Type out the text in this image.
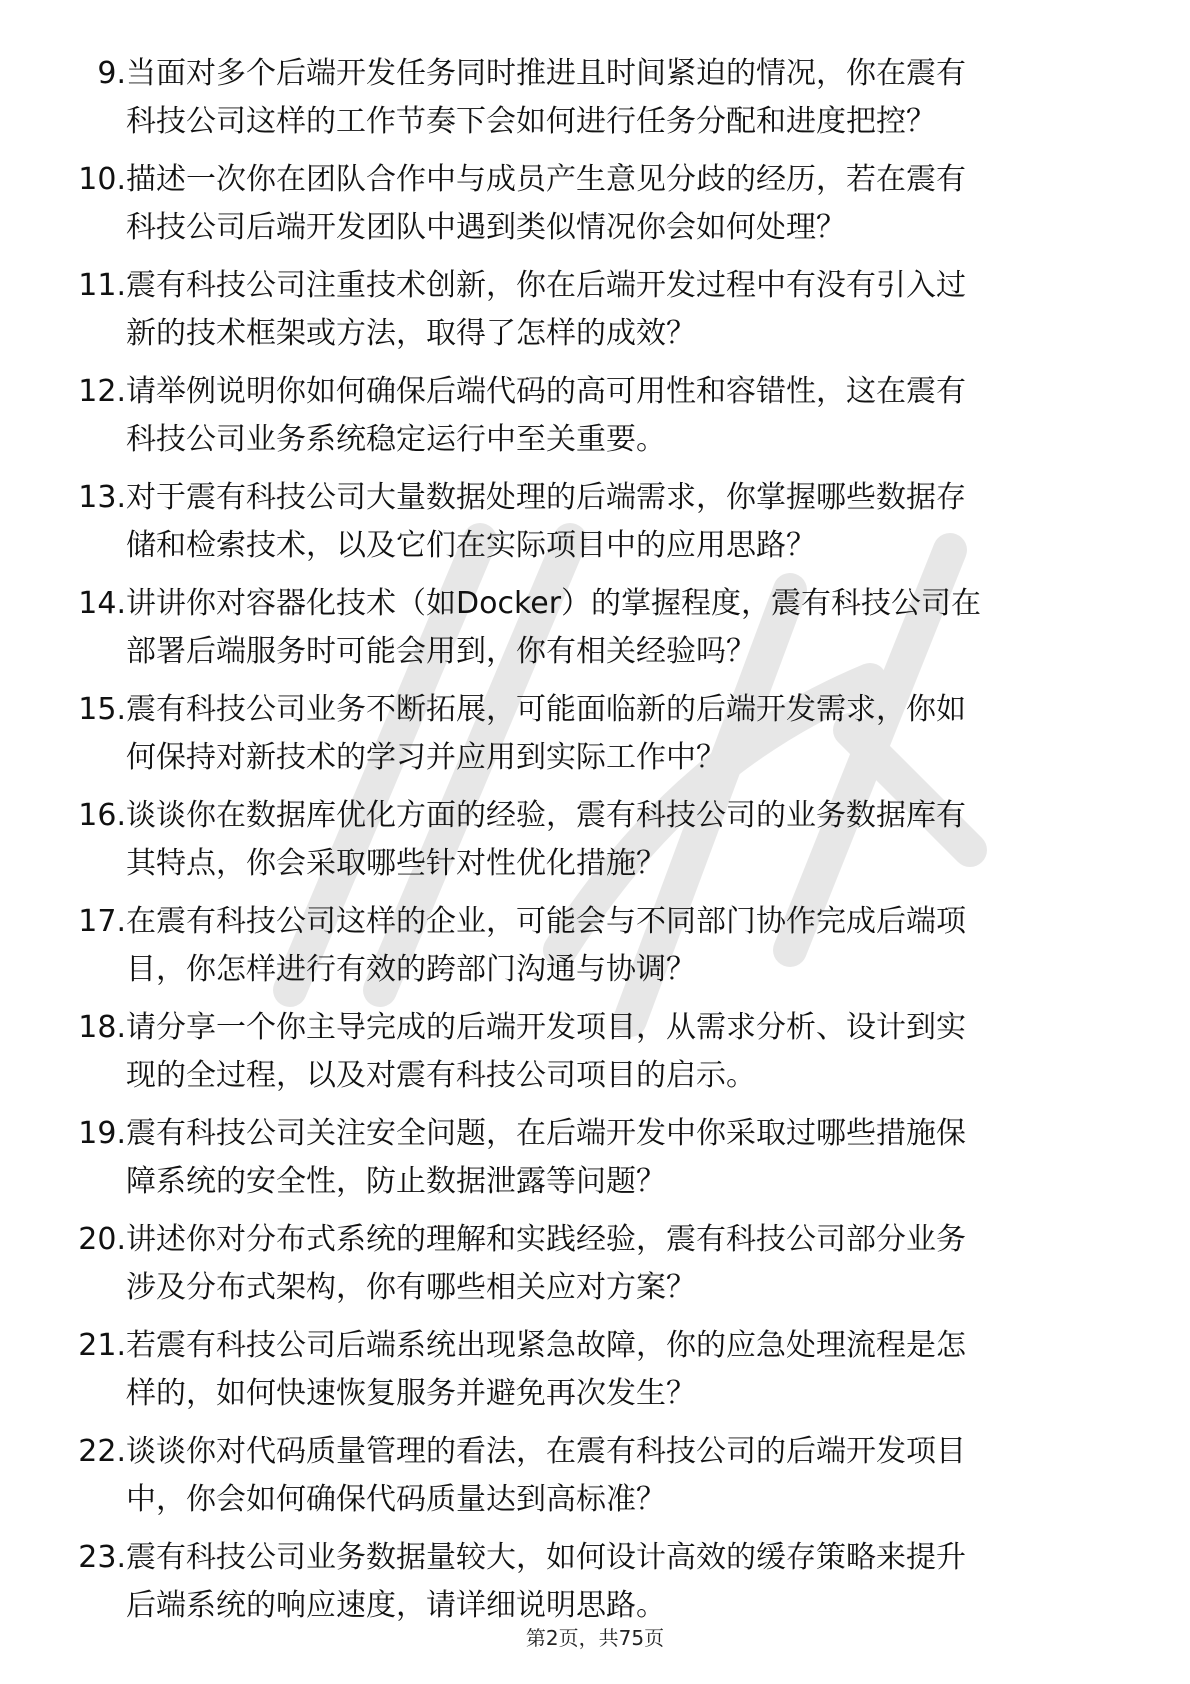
9. 当面对多个后端开发任务同时推进且时间紧迫的情况，你在震有
科技公司这样的工作节奏下会如何进行任务分配和进度把控？
10. 描述一次你在团队合作中与成员产生意见分歧的经历，若在震有
科技公司后端开发团队中遇到类似情况你会如何处理？
11. 震有科技公司注重技术创新，你在后端开发过程中有没有引入过
新的技术框架或方法，取得了怎样的成效？
12. 请举例说明你如何确保后端代码的高可用性和容错性，这在震有
科技公司业务系统稳定运行中至关重要。
13. 对于震有科技公司大量数据处理的后端需求，你掌握哪些数据存
储和检索技术，以及它们在实际项目中的应用思路？
14. 讲讲你对容器化技术（如Docker）的掌握程度，震有科技公司在
部署后端服务时可能会用到，你有相关经验吗？
15. 震有科技公司业务不断拓展，可能面临新的后端开发需求，你如
何保持对新技术的学习并应用到实际工作中？
16. 谈谈你在数据库优化方面的经验，震有科技公司的业务数据库有
其特点，你会采取哪些针对性优化措施？
17. 在震有科技公司这样的企业，可能会与不同部门协作完成后端项
目，你怎样进行有效的跨部门沟通与协调？
18. 请分享一个你主导完成的后端开发项目，从需求分析、设计到实
现的全过程，以及对震有科技公司项目的启示。
19. 震有科技公司关注安全问题，在后端开发中你采取过哪些措施保
障系统的安全性，防止数据泄露等问题？
20. 讲述你对分布式系统的理解和实践经验，震有科技公司部分业务
涉及分布式架构，你有哪些相关应对方案？
21. 若震有科技公司后端系统出现紧急故障，你的应急处理流程是怎
样的，如何快速恢复服务并避免再次发生？
22. 谈谈你对代码质量管理的看法，在震有科技公司的后端开发项目
中，你会如何确保代码质量达到高标准？
23. 震有科技公司业务数据量较大，如何设计高效的缓存策略来提升
后端系统的响应速度，请详细说明思路。
第2页，共75页
